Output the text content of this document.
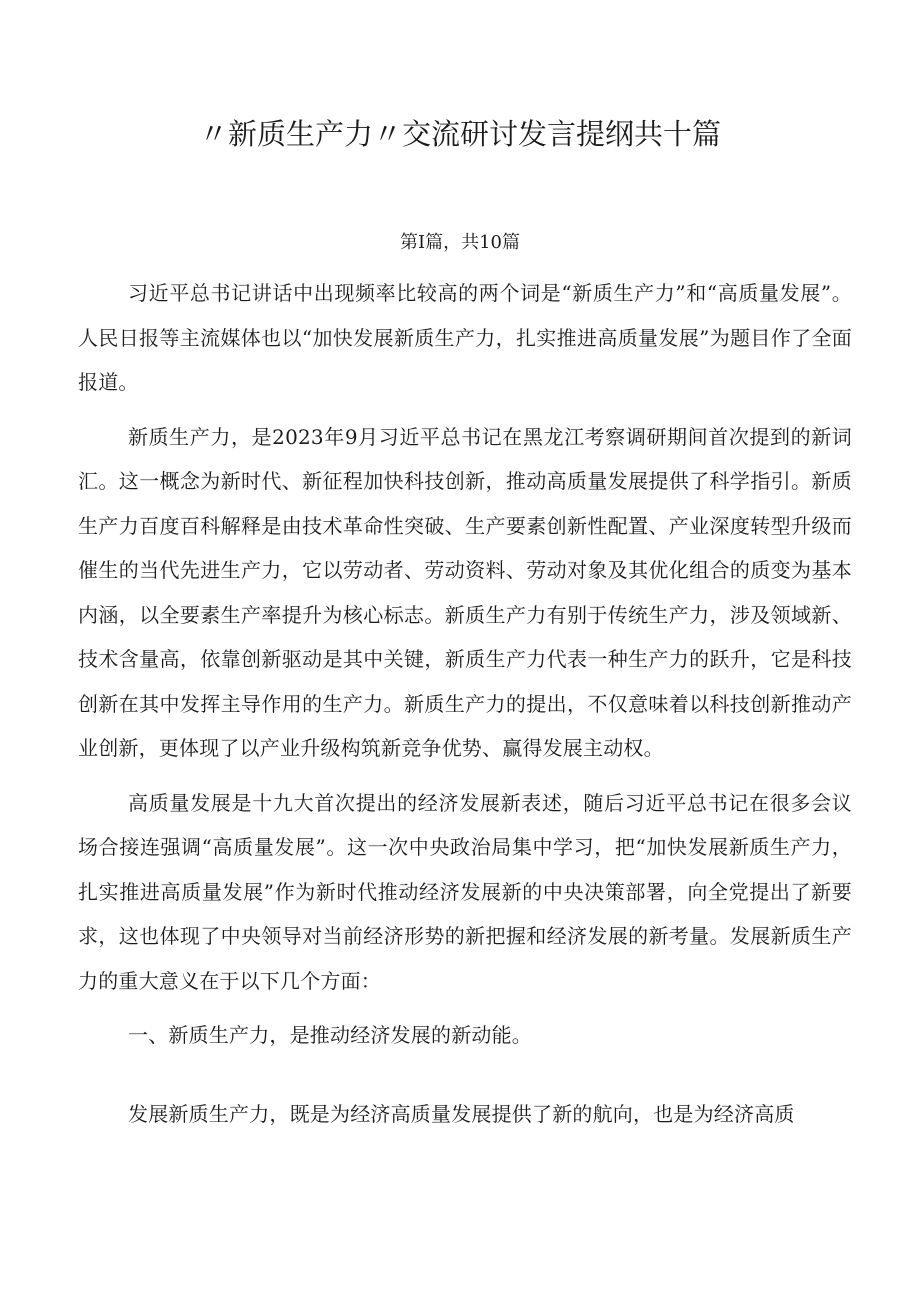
〃新质生产力〃交流研讨发言提纲共十篇
第Ⅰ篇，共10篇

习近平总书记讲话中出现频率比较高的两个词是“新质生产力”和“高质量发展”。人民日报等主流媒体也以“加快发展新质生产力，扎实推进高质量发展”为题目作了全面报道。

新质生产力，是2023年9月习近平总书记在黑龙江考察调研期间首次提到的新词汇。这一概念为新时代、新征程加快科技创新，推动高质量发展提供了科学指引。新质生产力百度百科解释是由技术革命性突破、生产要素创新性配置、产业深度转型升级而催生的当代先进生产力，它以劳动者、劳动资料、劳动对象及其优化组合的质变为基本内涵，以全要素生产率提升为核心标志。新质生产力有别于传统生产力，涉及领域新、技术含量高，依靠创新驱动是其中关键，新质生产力代表一种生产力的跃升，它是科技创新在其中发挥主导作用的生产力。新质生产力的提出，不仅意味着以科技创新推动产业创新，更体现了以产业升级构筑新竞争优势、赢得发展主动权。

高质量发展是十九大首次提出的经济发展新表述，随后习近平总书记在很多会议场合接连强调“高质量发展”。这一次中央政治局集中学习，把“加快发展新质生产力，扎实推进高质量发展”作为新时代推动经济发展新的中央决策部署，向全党提出了新要求，这也体现了中央领导对当前经济形势的新把握和经济发展的新考量。发展新质生产力的重大意义在于以下几个方面：

一、新质生产力，是推动经济发展的新动能。

发展新质生产力，既是为经济高质量发展提供了新的航向，也是为经济高质
